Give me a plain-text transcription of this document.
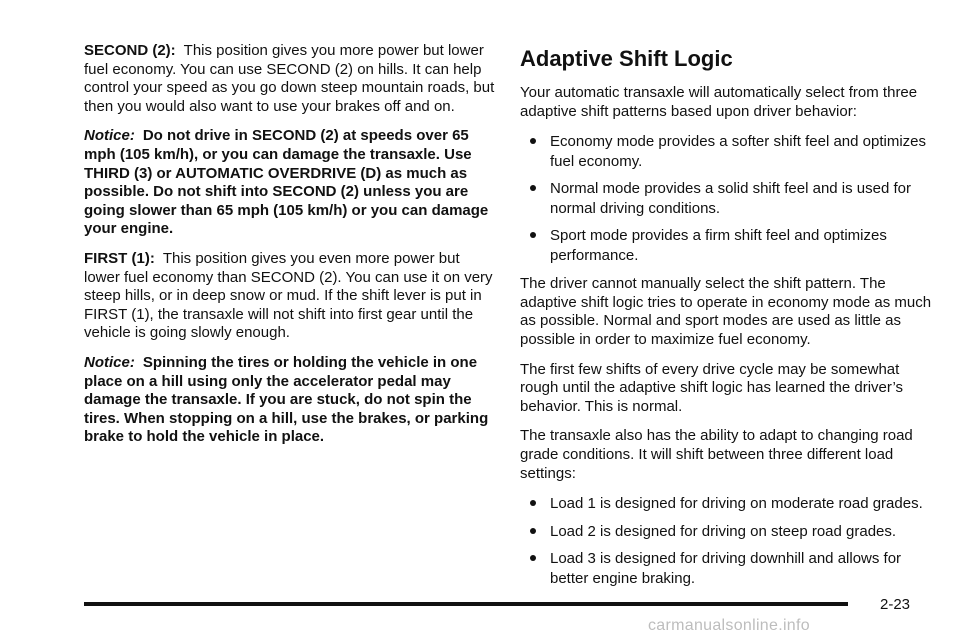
SECOND (2): This position gives you more power but lower fuel economy. You can use SECOND (2) on hills. It can help control your speed as you go down steep mountain roads, but then you would also want to use your brakes off and on.

Notice: Do not drive in SECOND (2) at speeds over 65 mph (105 km/h), or you can damage the transaxle. Use THIRD (3) or AUTOMATIC OVERDRIVE (D) as much as possible. Do not shift into SECOND (2) unless you are going slower than 65 mph (105 km/h) or you can damage your engine.

FIRST (1): This position gives you even more power but lower fuel economy than SECOND (2). You can use it on very steep hills, or in deep snow or mud. If the shift lever is put in FIRST (1), the transaxle will not shift into first gear until the vehicle is going slowly enough.

Notice: Spinning the tires or holding the vehicle in one place on a hill using only the accelerator pedal may damage the transaxle. If you are stuck, do not spin the tires. When stopping on a hill, use the brakes, or parking brake to hold the vehicle in place.

Adaptive Shift Logic

Your automatic transaxle will automatically select from three adaptive shift patterns based upon driver behavior:

Economy mode provides a softer shift feel and optimizes fuel economy.
Normal mode provides a solid shift feel and is used for normal driving conditions.
Sport mode provides a firm shift feel and optimizes performance.

The driver cannot manually select the shift pattern. The adaptive shift logic tries to operate in economy mode as much as possible. Normal and sport modes are used as little as possible in order to maximize fuel economy.

The first few shifts of every drive cycle may be somewhat rough until the adaptive shift logic has learned the driver’s behavior. This is normal.

The transaxle also has the ability to adapt to changing road grade conditions. It will shift between three different load settings:

Load 1 is designed for driving on moderate road grades.
Load 2 is designed for driving on steep road grades.
Load 3 is designed for driving downhill and allows for better engine braking.
2-23
carmanualsonline.info
